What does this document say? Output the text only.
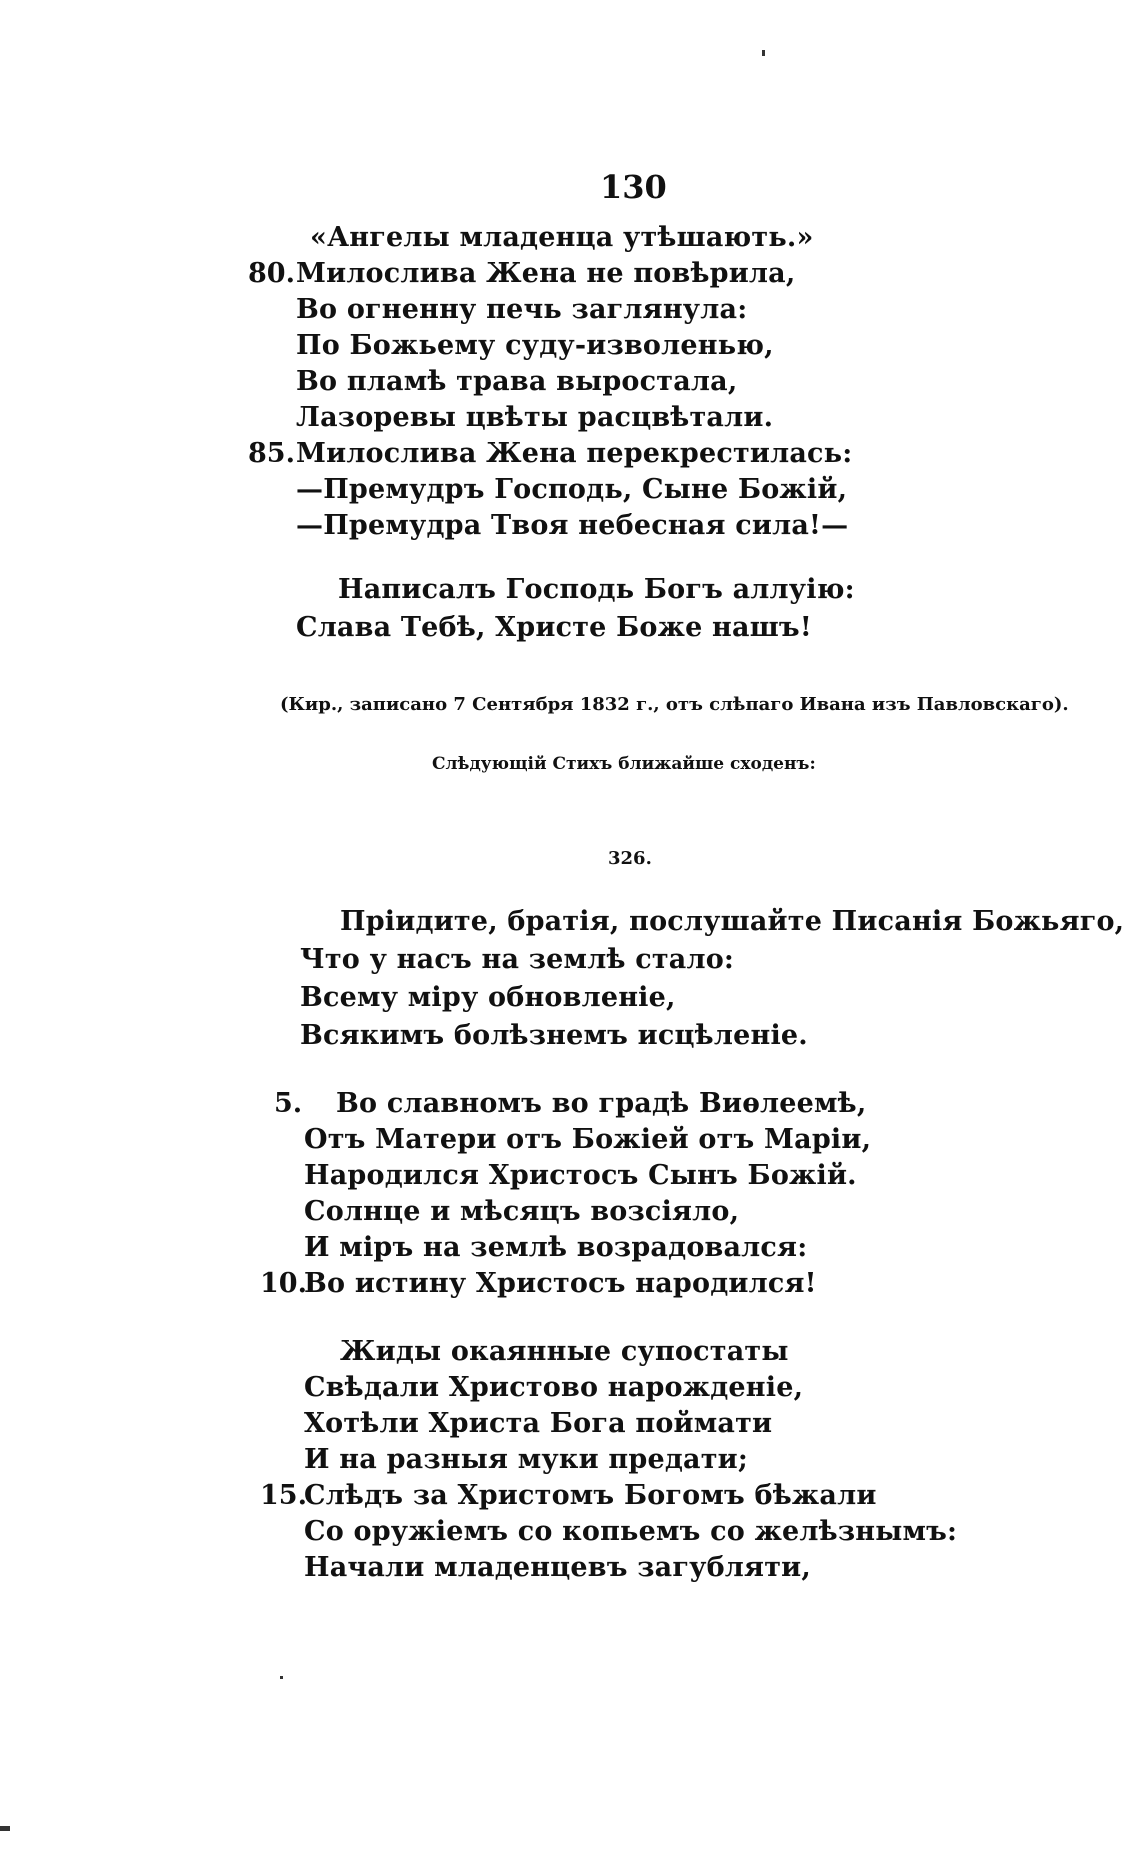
130
«Ангелы младенца утѣшають.»
80. Милослива Жена не повѣрила,
Во огненну печь заглянула:
По Божьему суду-изволенью,
Во пламѣ трава выростала,
Лазоревы цвѣты расцвѣтали.
85. Милослива Жена перекрестилась:
—Премудръ Господь, Сыне Божій,
—Премудра Твоя небесная сила!—
Написалъ Господь Богъ аллуію:
Слава Тебѣ, Христе Боже нашъ!
(Кир., записано 7 Сентября 1832 г., отъ слѣпаго Ивана изъ Павловскаго).
Слѣдующій Стихъ ближайше сходенъ:
326.
Пріидите, братія, послушайте Писанія Божьяго,
Что у насъ на землѣ стало:
Всему міру обновленіе,
Всякимъ болѣзнемъ исцѣленіе.
5. Во славномъ во градѣ Виѳлеемѣ,
Отъ Матери отъ Божіей отъ Маріи,
Народился Христосъ Сынъ Божій.
Солнце и мѣсяцъ возсіяло,
И міръ на землѣ возрадовался:
10.
Во истину Христосъ народился!
Жиды окаянные супостаты
Свѣдали Христово нарожденіе,
Хотѣли Христа Бога поймати
И на разныя муки предати;
15.
Слѣдъ за Христомъ Богомъ бѣжали
Со оружіемъ со копьемъ со желѣзнымъ:
Начали младенцевъ загубляти,
